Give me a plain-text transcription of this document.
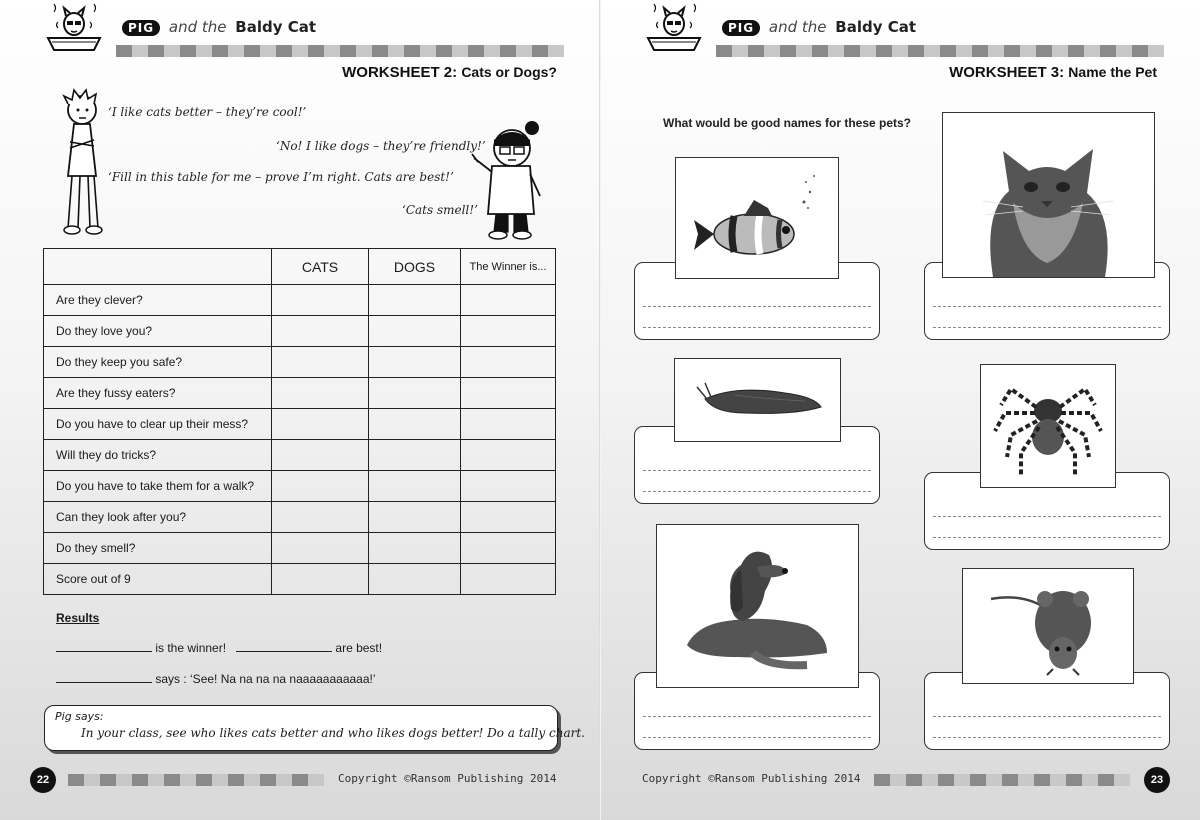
PIG and the Baldy Cat
WORKSHEET 2: Cats or Dogs?
‘I like cats better – they’re cool!’
‘No! I like dogs – they’re friendly!’
‘Fill in this table for me – prove I’m right. Cats are best!’
‘Cats smell!’
	CATS	DOGS	The Winner is...
Are they clever?			
Do they love you?			
Do they keep you safe?			
Are they fussy eaters?			
Do you have to clear up their mess?			
Will they do tricks?			
Do you have to take them for a walk?			
Can they look after you?			
Do they smell?			
Score out of 9			
Results
is the winner!	are best!
says : ‘See! Na na na na naaaaaaaaaaa!’
Pig says:
In your class, see who likes cats better and who likes dogs better! Do a tally chart.
22	Copyright ©Ransom Publishing 2014
PIG and the Baldy Cat
WORKSHEET 3: Name the Pet
What would be good names for these pets?
Copyright ©Ransom Publishing 2014	23
